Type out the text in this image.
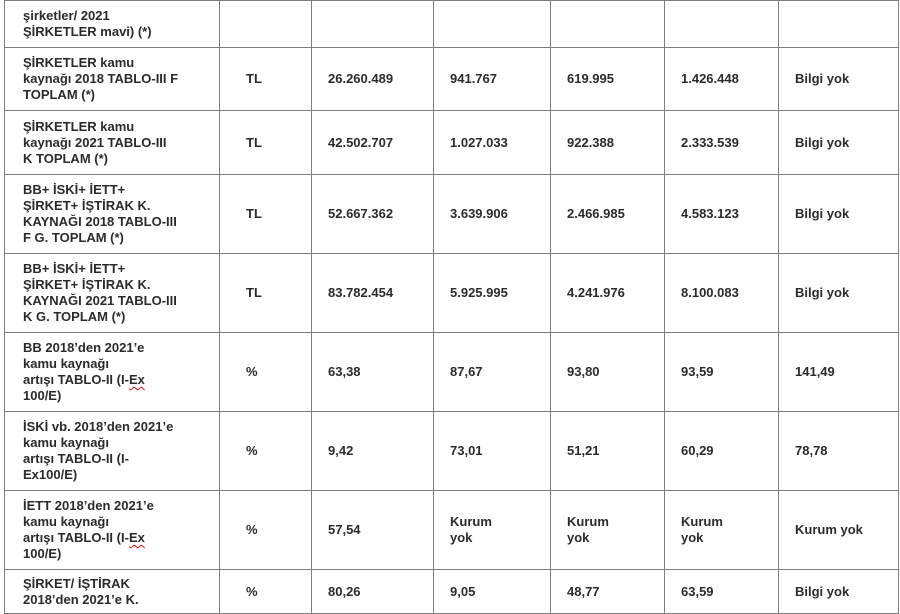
şirketler/ 2021
ŞİRKETLER mavi) (*)						
ŞİRKETLER kamu
kaynağı 2018 TABLO-III F
TOPLAM (*)	TL	26.260.489	941.767	619.995	1.426.448	Bilgi yok
ŞİRKETLER kamu
kaynağı 2021 TABLO-III
K TOPLAM (*)	TL	42.502.707	1.027.033	922.388	2.333.539	Bilgi yok
BB+ İSKİ+ İETT+
ŞİRKET+ İŞTİRAK K.
KAYNAĞI 2018 TABLO-III
F G. TOPLAM (*)	TL	52.667.362	3.639.906	2.466.985	4.583.123	Bilgi yok
BB+ İSKİ+ İETT+
ŞİRKET+ İŞTİRAK K.
KAYNAĞI 2021 TABLO-III
K G. TOPLAM (*)	TL	83.782.454	5.925.995	4.241.976	8.100.083	Bilgi yok
BB 2018’den 2021’e
kamu kaynağı
artışı TABLO-II (I-Ex
100/E)	%	63,38	87,67	93,80	93,59	141,49
İSKİ vb. 2018’den 2021’e
kamu kaynağı
artışı TABLO-II (I-
Ex100/E)	%	9,42	73,01	51,21	60,29	78,78
İETT 2018’den 2021’e
kamu kaynağı
artışı TABLO-II (I-Ex
100/E)	%	57,54	Kurum
yok	Kurum
yok	Kurum
yok	Kurum yok
ŞİRKET/ İŞTİRAK
2018’den 2021’e K.	%	80,26	9,05	48,77	63,59	Bilgi yok
